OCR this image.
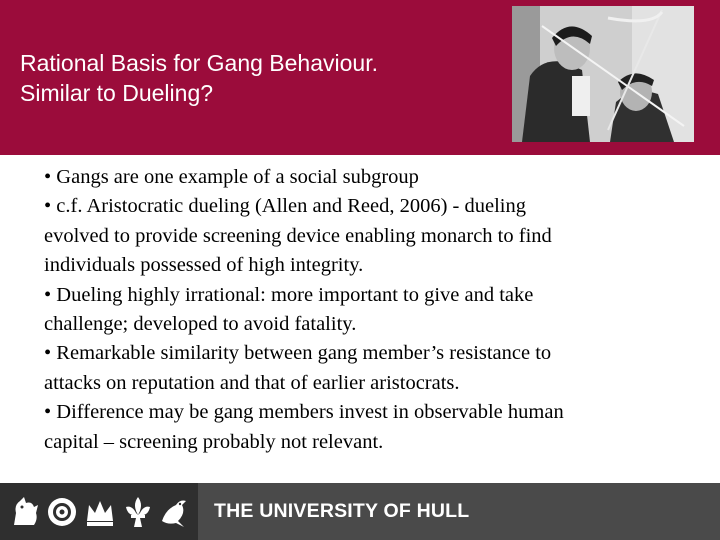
Rational Basis for Gang Behaviour.
Similar to Dueling?
• Gangs are one example of a social subgroup
• c.f. Aristocratic dueling (Allen and Reed, 2006) - dueling
evolved to provide screening device enabling monarch to find
individuals possessed of high integrity.
• Dueling highly irrational: more important to give and take
challenge; developed to avoid fatality.
• Remarkable similarity between gang member’s resistance to
attacks on reputation and that of earlier aristocrats.
• Difference may be gang members invest in observable human
capital – screening probably not relevant.
THE UNIVERSITY OF HULL
